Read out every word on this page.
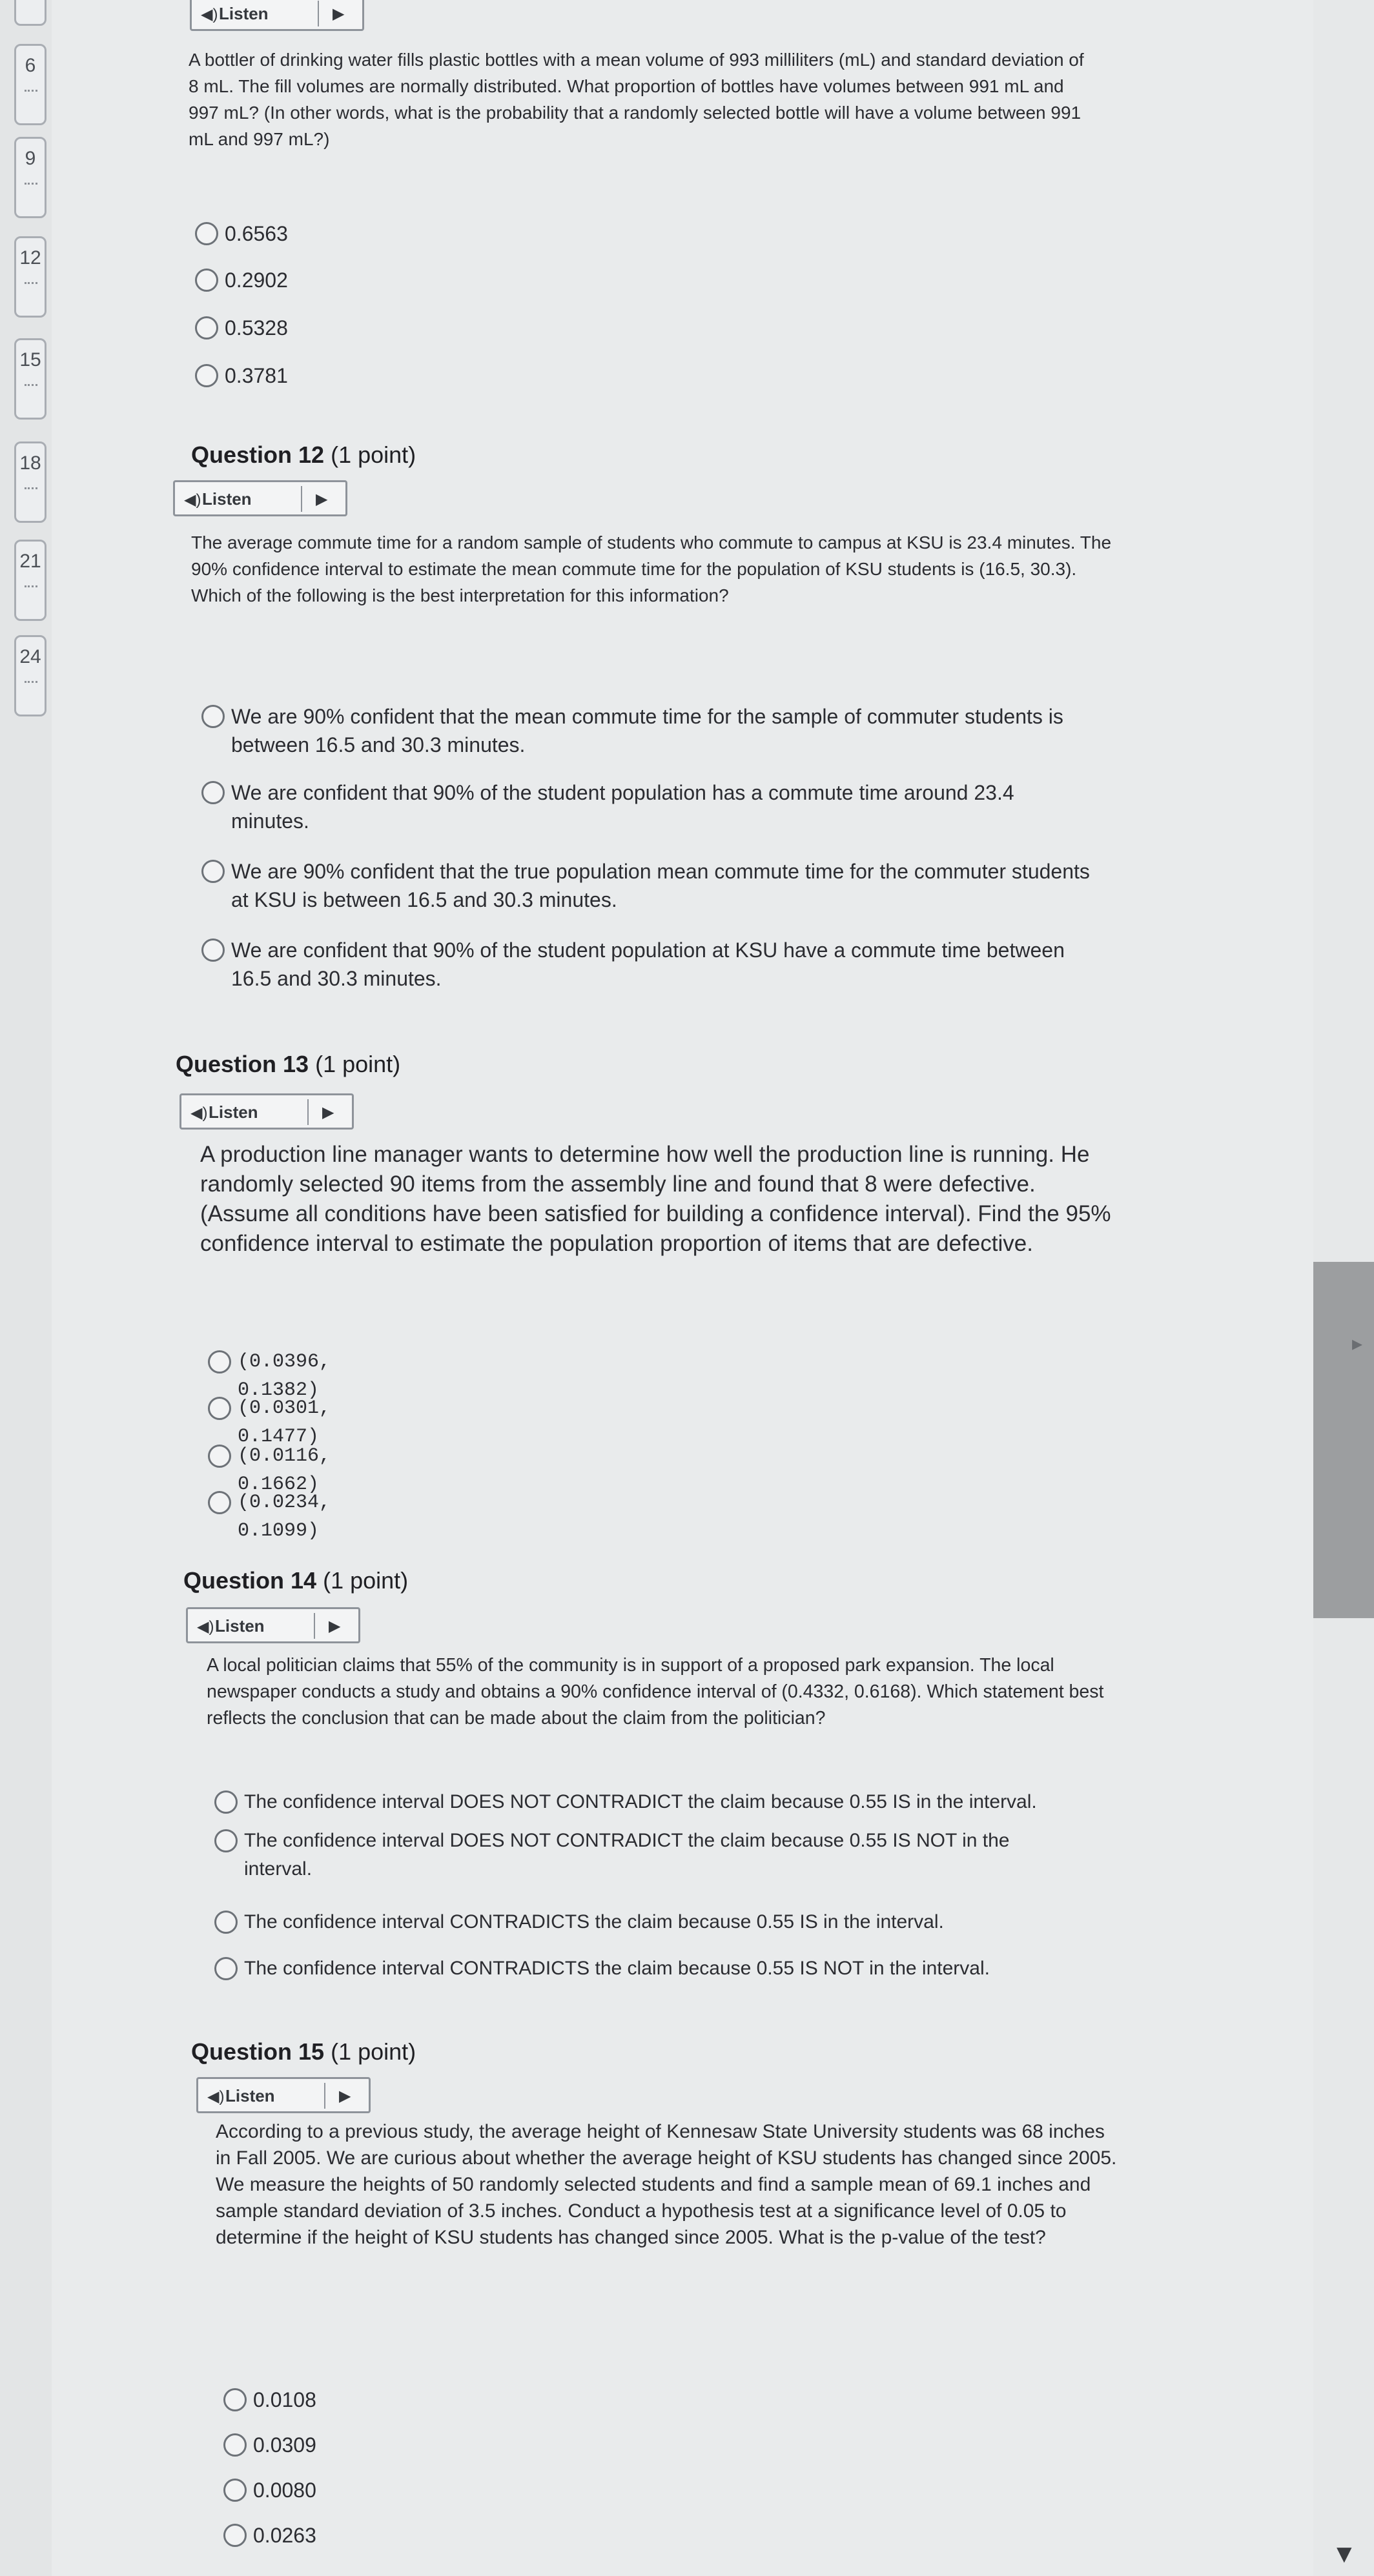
6
9
12
15
18
21
24
▸
▼
◀) Listen	▶
A bottler of drinking water fills plastic bottles with a mean volume of 993 milliliters (mL) and standard deviation of 8 mL. The fill volumes are normally distributed. What proportion of bottles have volumes between 991 mL and 997 mL? (In other words, what is the probability that a randomly selected bottle will have a volume between 991 mL and 997 mL?)
0.6563
0.2902
0.5328
0.3781
Question 12 (1 point)
◀) Listen	▶
The average commute time for a random sample of students who commute to campus at KSU is 23.4 minutes. The 90% confidence interval to estimate the mean commute time for the population of KSU students is (16.5, 30.3). Which of the following is the best interpretation for this information?
We are 90% confident that the mean commute time for the sample of commuter students is between 16.5 and 30.3 minutes.
We are confident that 90% of the student population has a commute time around 23.4 minutes.
We are 90% confident that the true population mean commute time for the commuter students at KSU is between 16.5 and 30.3 minutes.
We are confident that 90% of the student population at KSU have a commute time between 16.5 and 30.3 minutes.
Question 13 (1 point)
◀) Listen	▶
A production line manager wants to determine how well the production line is running. He randomly selected 90 items from the assembly line and found that 8 were defective. (Assume all conditions have been satisfied for building a confidence interval). Find the 95% confidence interval to estimate the population proportion of items that are defective.
(0.0396, 0.1382)
(0.0301, 0.1477)
(0.0116, 0.1662)
(0.0234, 0.1099)
Question 14 (1 point)
◀) Listen	▶
A local politician claims that 55% of the community is in support of a proposed park expansion. The local newspaper conducts a study and obtains a 90% confidence interval of (0.4332, 0.6168). Which statement best reflects the conclusion that can be made about the claim from the politician?
The confidence interval DOES NOT CONTRADICT the claim because 0.55 IS in the interval.
The confidence interval DOES NOT CONTRADICT the claim because 0.55 IS NOT in the interval.
The confidence interval CONTRADICTS the claim because 0.55 IS in the interval.
The confidence interval CONTRADICTS the claim because 0.55 IS NOT in the interval.
Question 15 (1 point)
◀) Listen	▶
According to a previous study, the average height of Kennesaw State University students was 68 inches in Fall 2005. We are curious about whether the average height of KSU students has changed since 2005. We measure the heights of 50 randomly selected students and find a sample mean of 69.1 inches and sample standard deviation of 3.5 inches. Conduct a hypothesis test at a significance level of 0.05 to determine if the height of KSU students has changed since 2005. What is the p-value of the test?
0.0108
0.0309
0.0080
0.0263
